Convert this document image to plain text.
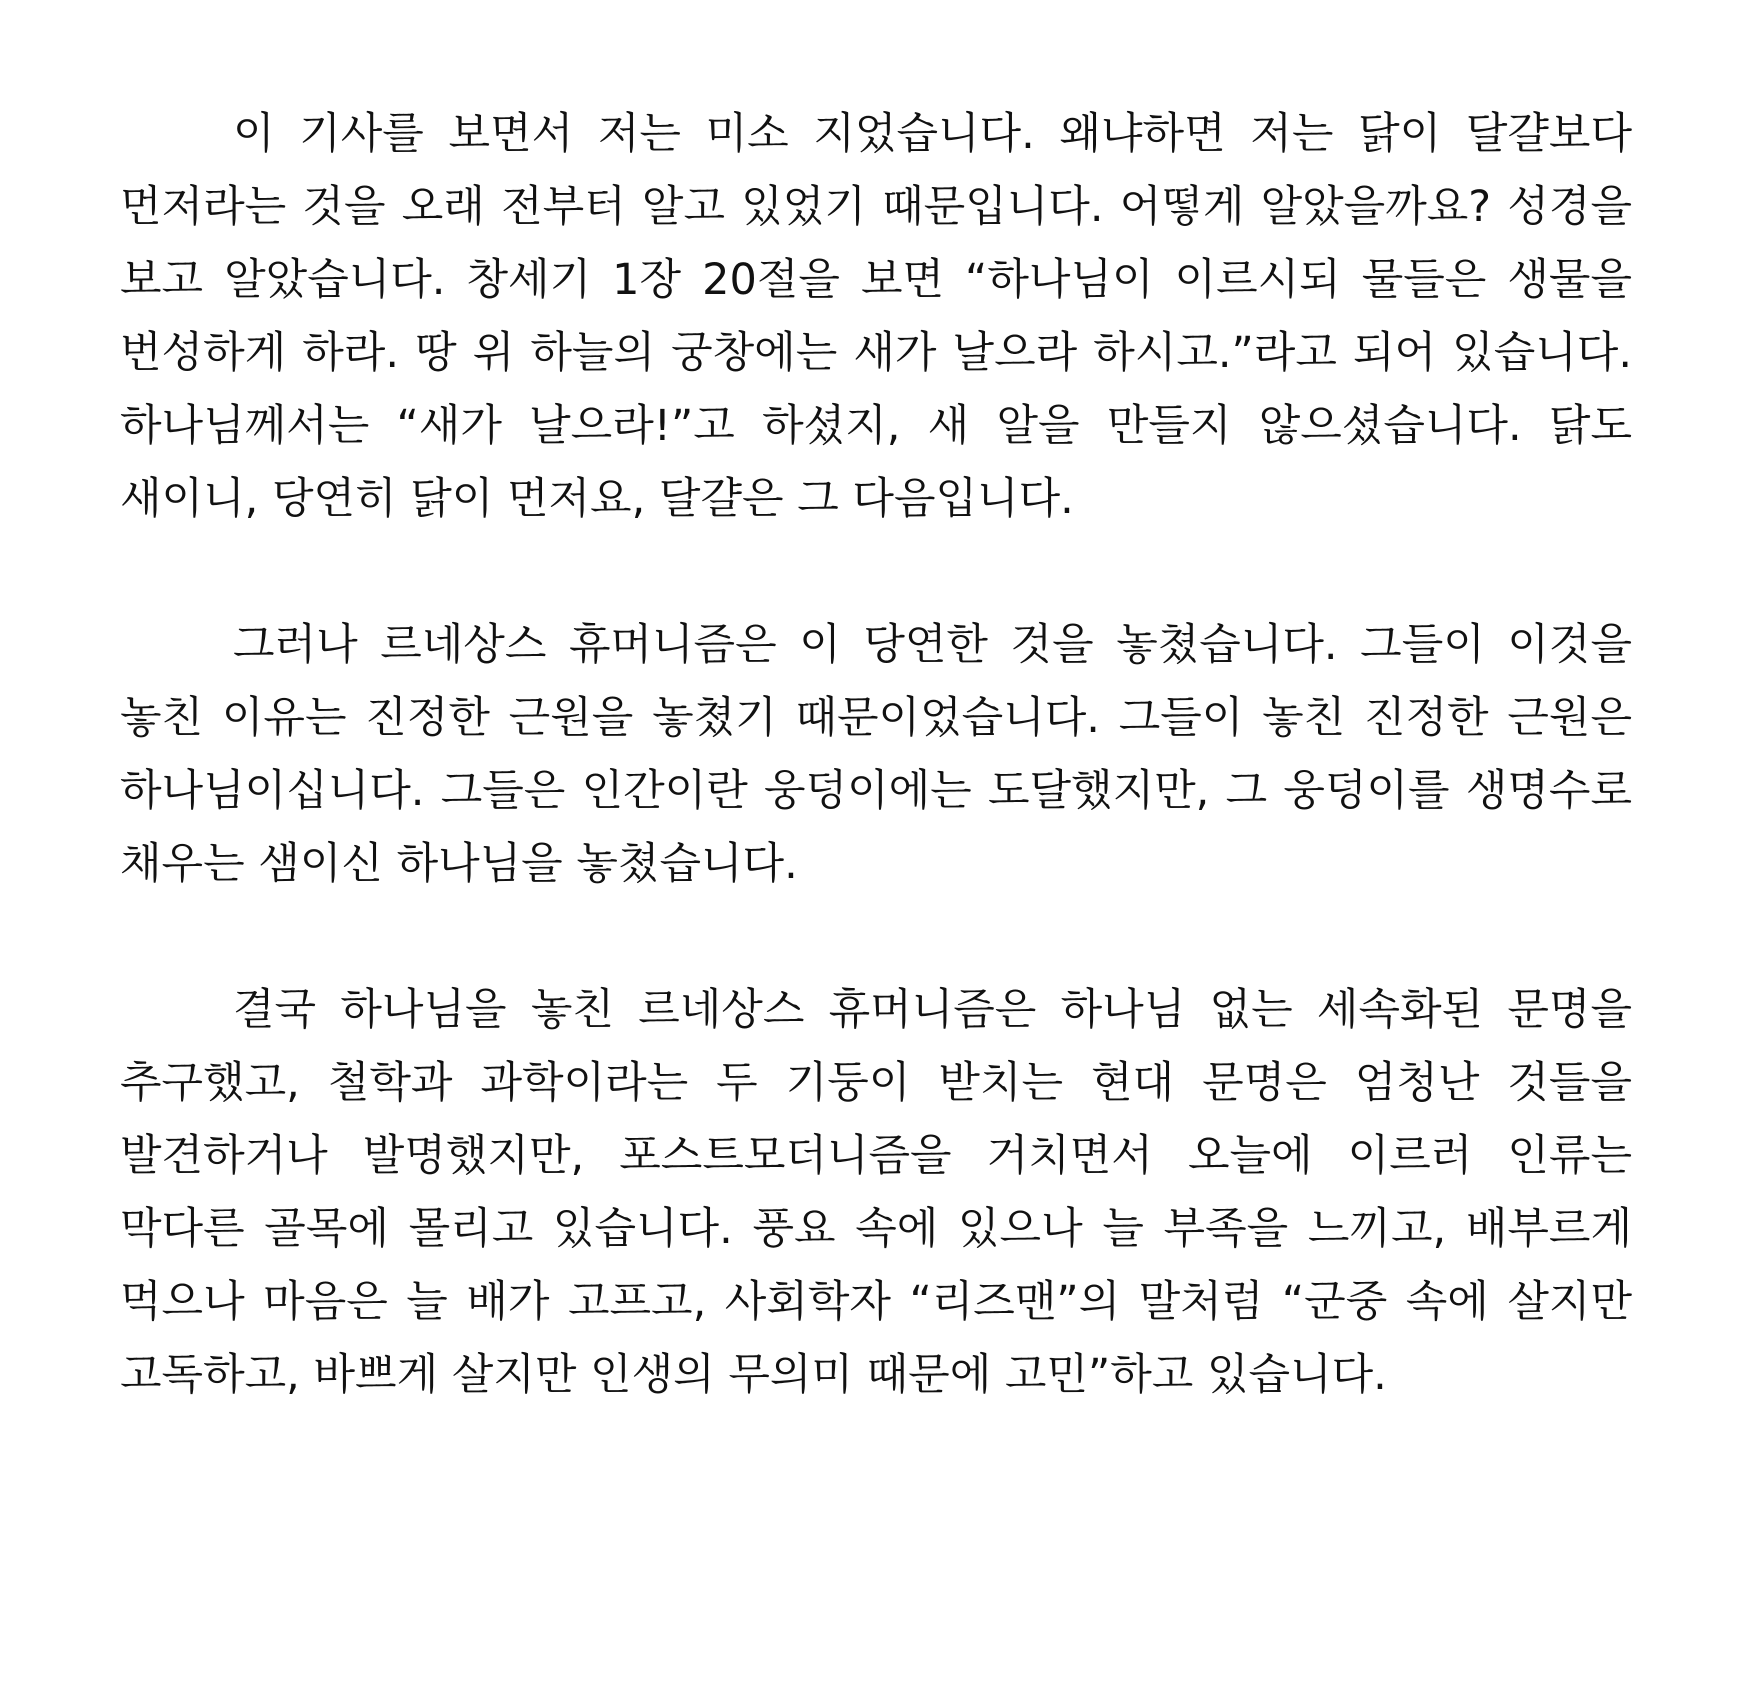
이 기사를 보면서 저는 미소 지었습니다. 왜냐하면 저는 닭이 달걀보다 먼저라는 것을 오래 전부터 알고 있었기 때문입니다. 어떻게 알았을까요? 성경을 보고 알았습니다. 창세기 1장 20절을 보면 “하나님이 이르시되 물들은 생물을 번성하게 하라. 땅 위 하늘의 궁창에는 새가 날으라 하시고.”라고 되어 있습니다. 하나님께서는 “새가 날으라!”고 하셨지, 새 알을 만들지 않으셨습니다. 닭도 새이니, 당연히 닭이 먼저요, 달걀은 그 다음입니다.

그러나 르네상스 휴머니즘은 이 당연한 것을 놓쳤습니다. 그들이 이것을 놓친 이유는 진정한 근원을 놓쳤기 때문이었습니다. 그들이 놓친 진정한 근원은 하나님이십니다. 그들은 인간이란 웅덩이에는 도달했지만, 그 웅덩이를 생명수로 채우는 샘이신 하나님을 놓쳤습니다.

결국 하나님을 놓친 르네상스 휴머니즘은 하나님 없는 세속화된 문명을 추구했고, 철학과 과학이라는 두 기둥이 받치는 현대 문명은 엄청난 것들을 발견하거나 발명했지만, 포스트모더니즘을 거치면서 오늘에 이르러 인류는 막다른 골목에 몰리고 있습니다. 풍요 속에 있으나 늘 부족을 느끼고, 배부르게 먹으나 마음은 늘 배가 고프고, 사회학자 “리즈맨”의 말처럼 “군중 속에 살지만 고독하고, 바쁘게 살지만 인생의 무의미 때문에 고민”하고 있습니다.
